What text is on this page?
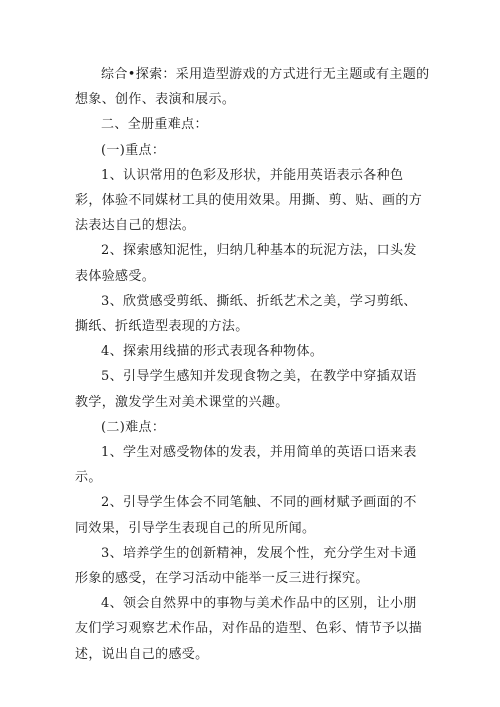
综合•探索：采用造型游戏的方式进行无主题或有主题的想象、创作、表演和展示。

二、全册重难点：

(一)重点：

1、认识常用的色彩及形状，并能用英语表示各种色彩，体验不同媒材工具的使用效果。用撕、剪、贴、画的方法表达自己的想法。

2、探索感知泥性，归纳几种基本的玩泥方法，口头发表体验感受。

3、欣赏感受剪纸、撕纸、折纸艺术之美，学习剪纸、撕纸、折纸造型表现的方法。

4、探索用线描的形式表现各种物体。

5、引导学生感知并发现食物之美，在教学中穿插双语教学，激发学生对美术课堂的兴趣。

(二)难点：

1、学生对感受物体的发表，并用简单的英语口语来表示。

2、引导学生体会不同笔触、不同的画材赋予画面的不同效果，引导学生表现自己的所见所闻。

3、培养学生的创新精神，发展个性，充分学生对卡通形象的感受，在学习活动中能举一反三进行探究。

4、领会自然界中的事物与美术作品中的区别，让小朋友们学习观察艺术作品，对作品的造型、色彩、情节予以描述，说出自己的感受。
